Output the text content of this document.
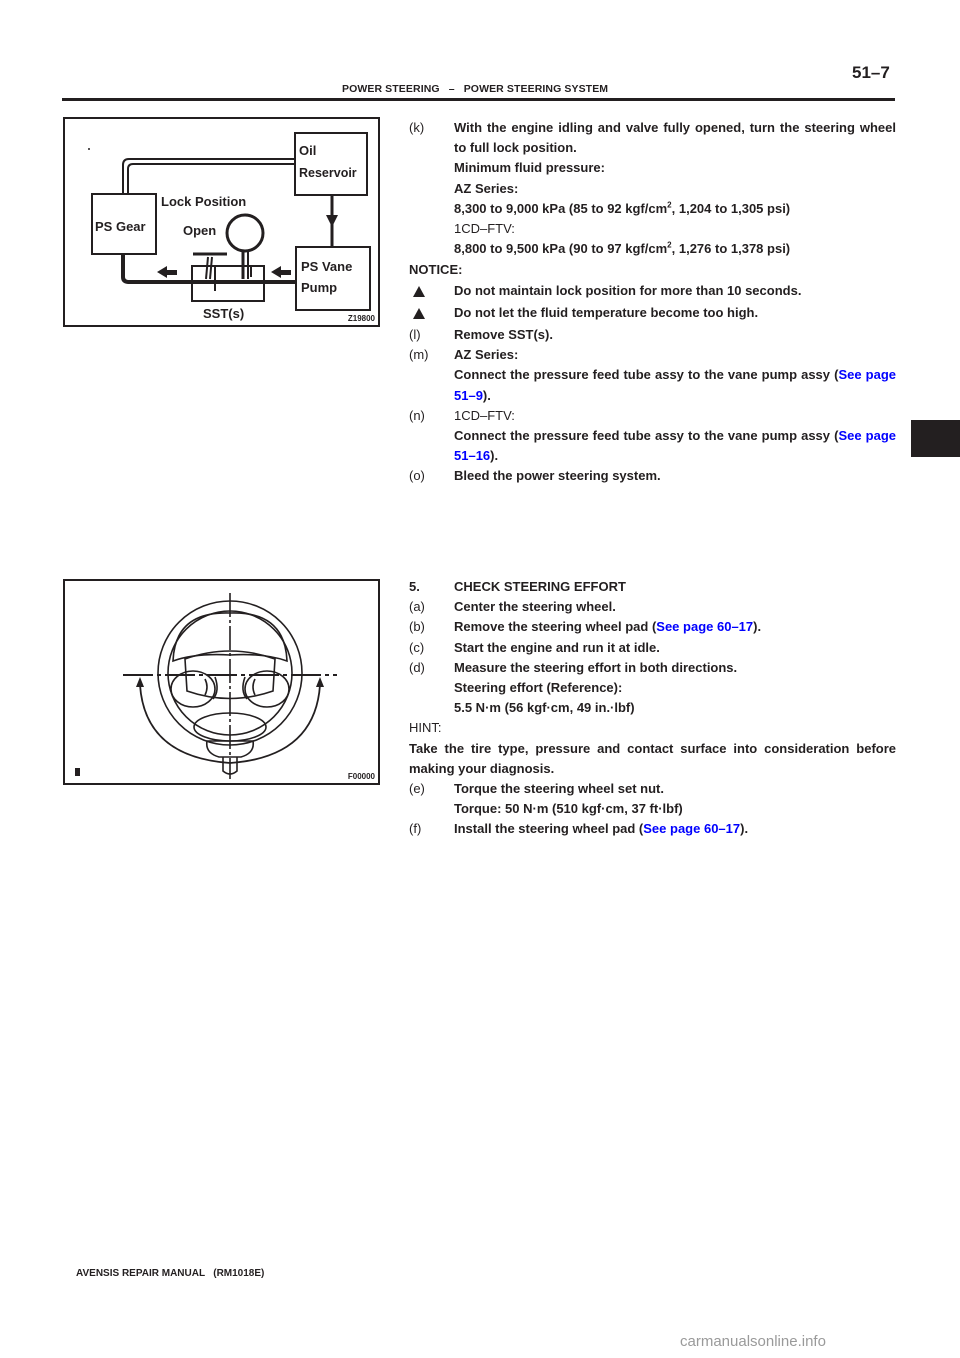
51–7
POWER STEERING   –   POWER STEERING SYSTEM
Oil
Reservoir
PS Gear
Lock Position
Open
PS Vane
Pump
SST(s)	Z19800
F00000
(k)	With the engine idling and valve fully opened, turn the steering wheel to full lock position.
Minimum fluid pressure:
AZ Series:
8,300 to 9,000 kPa (85 to 92 kgf/$cm^2$, 1,204 to 1,305 psi)
1CD–FTV:
8,800 to 9,500 kPa (90 to 97 kgf/$cm^2$, 1,276 to 1,378 psi)
NOTICE:
Do not maintain lock position for more than 10 seconds.
Do not let the fluid temperature become too high.
(l)	Remove SST(s).
(m)	AZ Series:
Connect the pressure feed tube assy to the vane pump assy (See page 51–9).
(n)	1CD–FTV:
Connect the pressure feed tube assy to the vane pump assy (See page 51–16).
(o)	Bleed the power steering system.
5.	CHECK STEERING EFFORT
(a)	Center the steering wheel.
(b)	Remove the steering wheel pad (See page 60–17).
(c)	Start the engine and run it at idle.
(d)	Measure the steering effort in both directions.
Steering effort (Reference):
5.5 N·m (56 kgf·cm, 49 in.·lbf)
HINT:
Take the tire type, pressure and contact surface into consideration before making your diagnosis.
(e)	Torque the steering wheel set nut.
Torque: 50 N·m (510 kgf·cm, 37 ft·lbf)
(f)	Install the steering wheel pad (See page 60–17).
AVENSIS REPAIR MANUAL   (RM1018E)
carmanualsonline.info
